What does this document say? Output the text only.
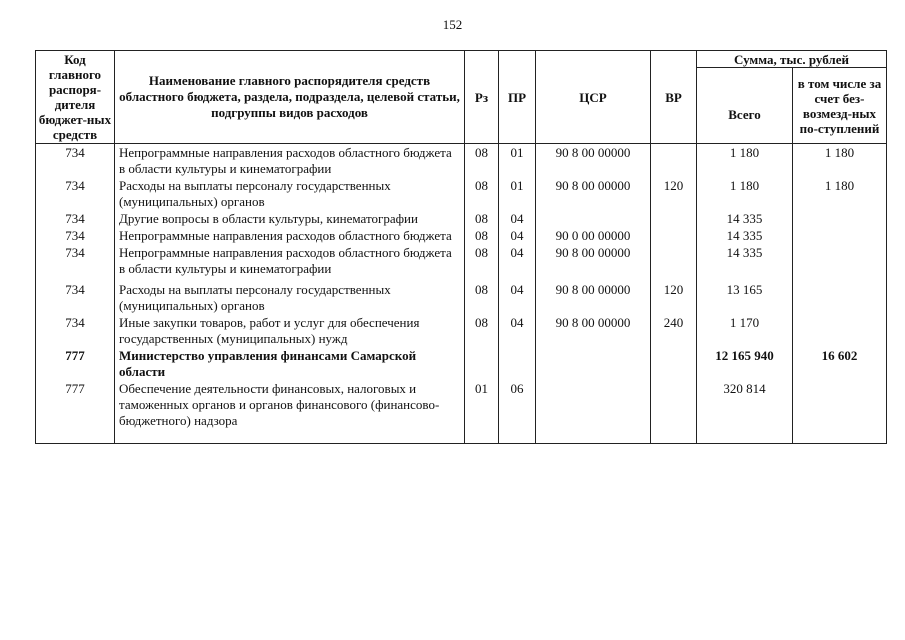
152
Код главного распоря-дителя бюджет-ных средств	Наименование главного распорядителя средств областного бюджета, раздела, подраздела, целевой статьи, подгруппы видов расходов	Рз	ПР	ЦСР	ВР	Сумма, тыс. рублей	
						Всего	в том числе за счет без-возмезд-ных по-ступлений
734	Непрограммные направления расходов областного бюджета в области культуры и кинематографии	08	01	90 8 00 00000		1 180	1 180
734	Расходы на выплаты персоналу государственных (муниципальных) органов	08	01	90 8 00 00000	120	1 180	1 180
734	Другие вопросы в области культуры, кинематографии	08	04			14 335	
734	Непрограммные направления расходов областного бюджета	08	04	90 0 00 00000		14 335	
734	Непрограммные направления расходов областного бюджета в области культуры и кинематографии	08	04	90 8 00 00000		14 335	
734	Расходы на выплаты персоналу государственных (муниципальных) органов	08	04	90 8 00 00000	120	13 165	
734	Иные закупки товаров, работ и услуг для обеспечения государственных (муниципальных) нужд	08	04	90 8 00 00000	240	1 170	
777	Министерство управления финансами Самарской области					12 165 940	16 602
777	Обеспечение деятельности финансовых, налоговых и таможенных органов и органов финансового (финансово-бюджетного) надзора	01	06			320 814	
